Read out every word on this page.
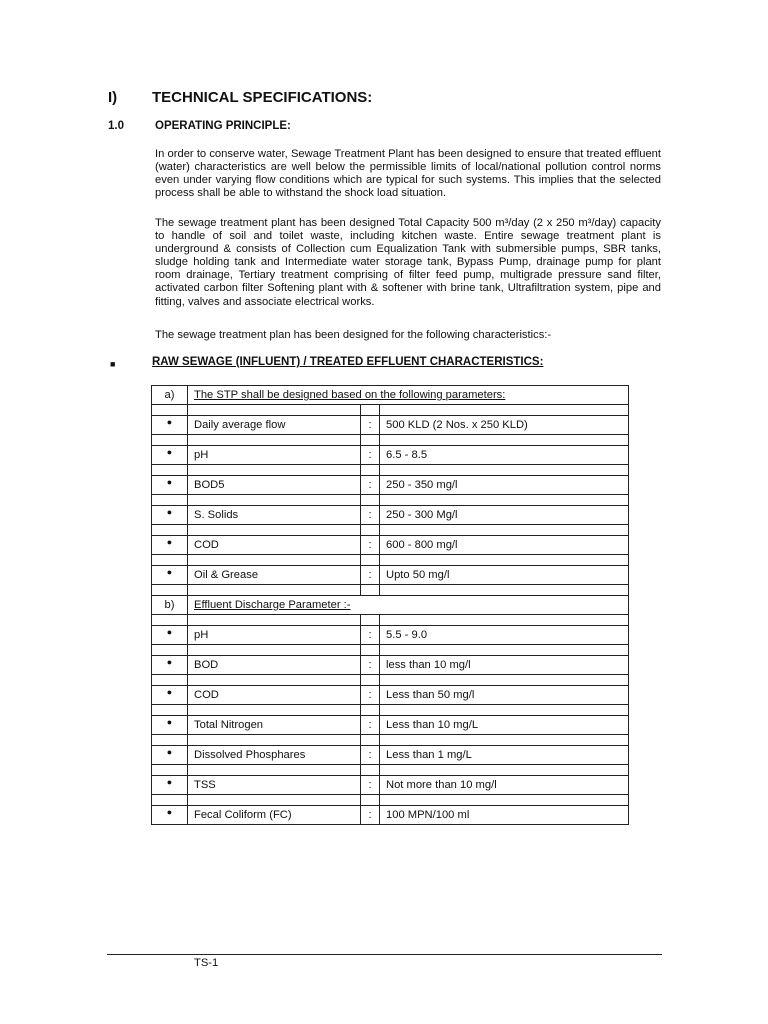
I) TECHNICAL SPECIFICATIONS:
1.0	OPERATING PRINCIPLE:

In order to conserve water, Sewage Treatment Plant has been designed to ensure that treated effluent (water) characteristics are well below the permissible limits of local/national pollution control norms even under varying flow conditions which are typical for such systems. This implies that the selected process shall be able to withstand the shock load situation.

The sewage treatment plant has been designed Total Capacity 500 m³/day (2 x 250 m³/day) capacity to handle of soil and toilet waste, including kitchen waste. Entire sewage treatment plant is underground & consists of Collection cum Equalization Tank with submersible pumps, SBR tanks, sludge holding tank and Intermediate water storage tank, Bypass Pump, drainage pump for plant room drainage, Tertiary treatment comprising of filter feed pump, multigrade pressure sand filter, activated carbon filter Softening plant with & softener with brine tank, Ultrafiltration system, pipe and fitting, valves and associate electrical works.

The sewage treatment plan has been designed for the following characteristics:-

■	RAW SEWAGE (INFLUENT) / TREATED EFFLUENT CHARACTERISTICS:
a)	The STP shall be designed based on the following parameters:		

●	Daily average flow	:	500 KLD (2 Nos. x 250 KLD)

●	pH	:	6.5 - 8.5

●	BOD5	:	250 - 350 mg/l

●	S. Solids	:	250 - 300 Mg/l

●	COD	:	600 - 800 mg/l

●	Oil & Grease	:	Upto 50 mg/l

b)	Effluent Discharge Parameter :-		

●	pH	:	5.5 - 9.0

●	BOD	:	less than 10 mg/l

●	COD	:	Less than 50 mg/l

●	Total Nitrogen	:	Less than 10 mg/L

●	Dissolved Phosphares	:	Less than 1 mg/L

●	TSS	:	Not more than 10 mg/l

●	Fecal Coliform (FC)	:	100 MPN/100 ml
TS-1
